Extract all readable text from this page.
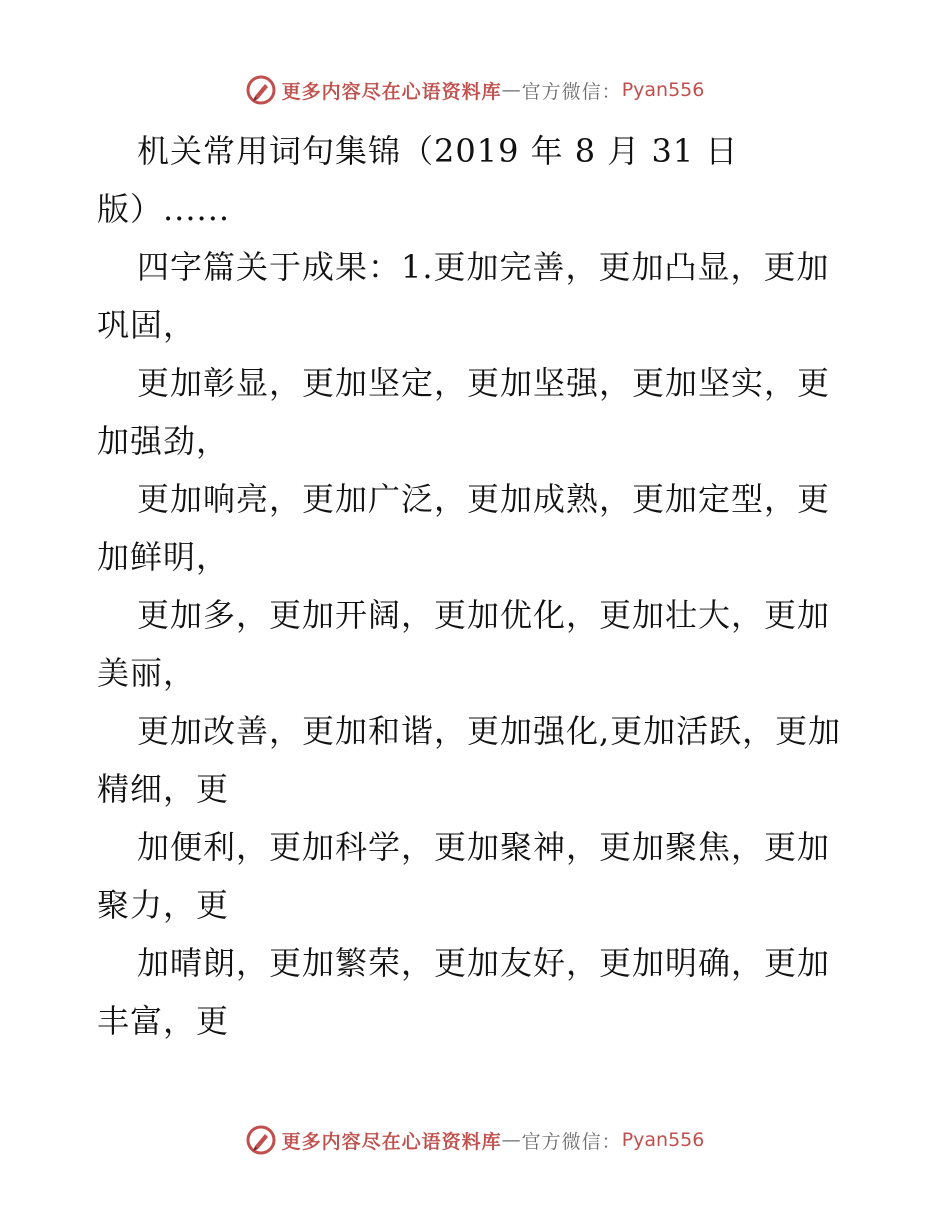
更多内容尽在心语资料库 — 官方微信： Pyan556

机关常用词句集锦（2019 年 8 月 31 日版）......

四字篇关于成果：1.更加完善，更加凸显，更加巩固，

更加彰显，更加坚定，更加坚强，更加坚实，更加强劲，

更加响亮，更加广泛，更加成熟，更加定型，更加鲜明，

更加多，更加开阔，更加优化，更加壮大，更加美丽，

更加改善，更加和谐，更加强化,更加活跃，更加精细，更

加便利，更加科学，更加聚神，更加聚焦，更加聚力，更

加晴朗，更加繁荣，更加友好，更加明确，更加丰富，更

更多内容尽在心语资料库 — 官方微信： Pyan556
